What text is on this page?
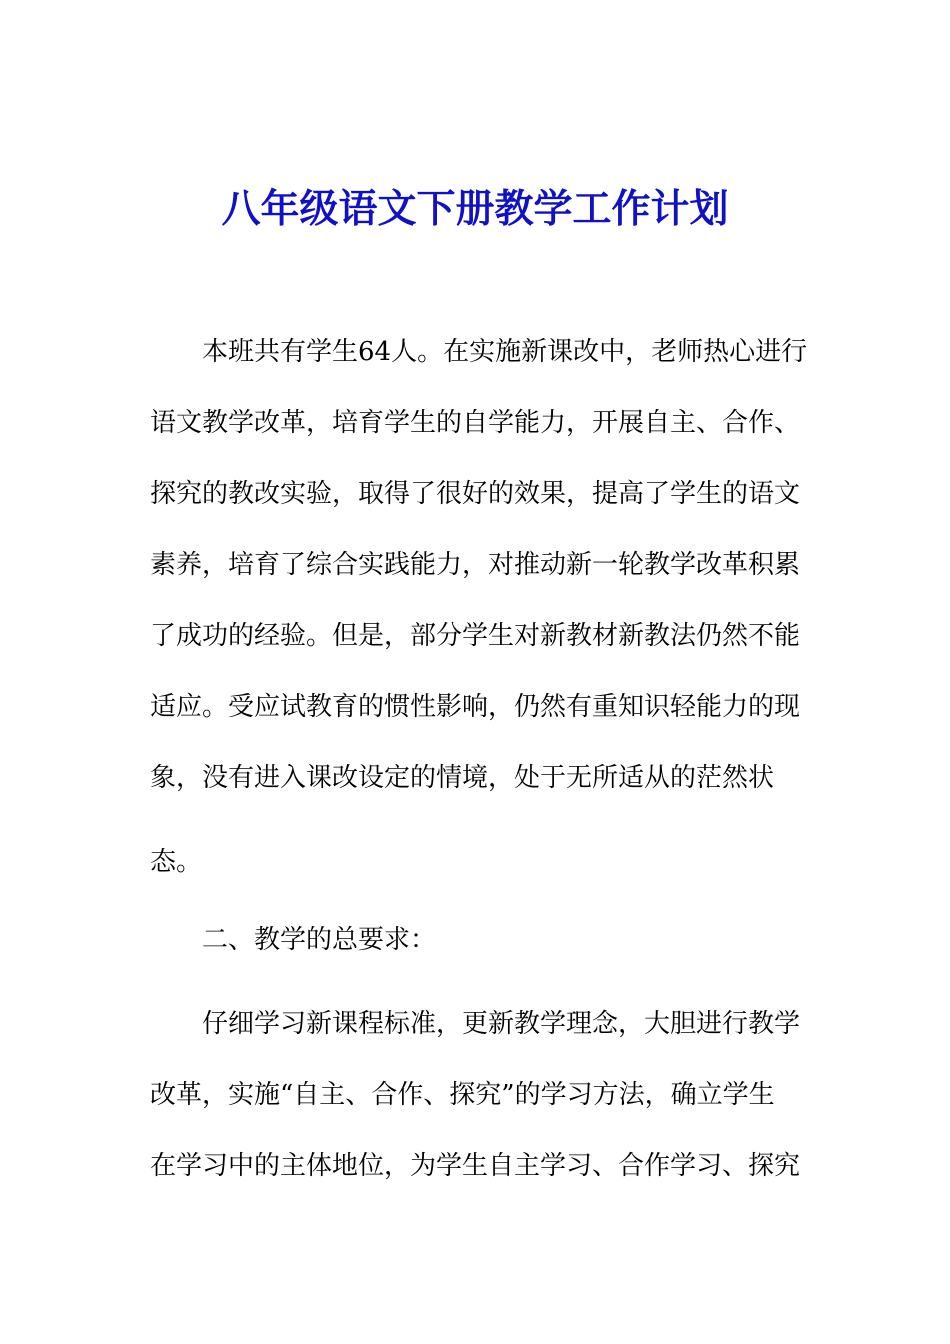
八年级语文下册教学工作计划

本班共有学生64人。在实施新课改中，老师热心进行

语文教学改革，培育学生的自学能力，开展自主、合作、

探究的教改实验，取得了很好的效果，提高了学生的语文

素养，培育了综合实践能力，对推动新一轮教学改革积累

了成功的经验。但是，部分学生对新教材新教法仍然不能

适应。受应试教育的惯性影响，仍然有重知识轻能力的现

象，没有进入课改设定的情境，处于无所适从的茫然状

态。

二、教学的总要求：

仔细学习新课程标准，更新教学理念，大胆进行教学

改革，实施“自主、合作、探究”的学习方法，确立学生

在学习中的主体地位，为学生自主学习、合作学习、探究
